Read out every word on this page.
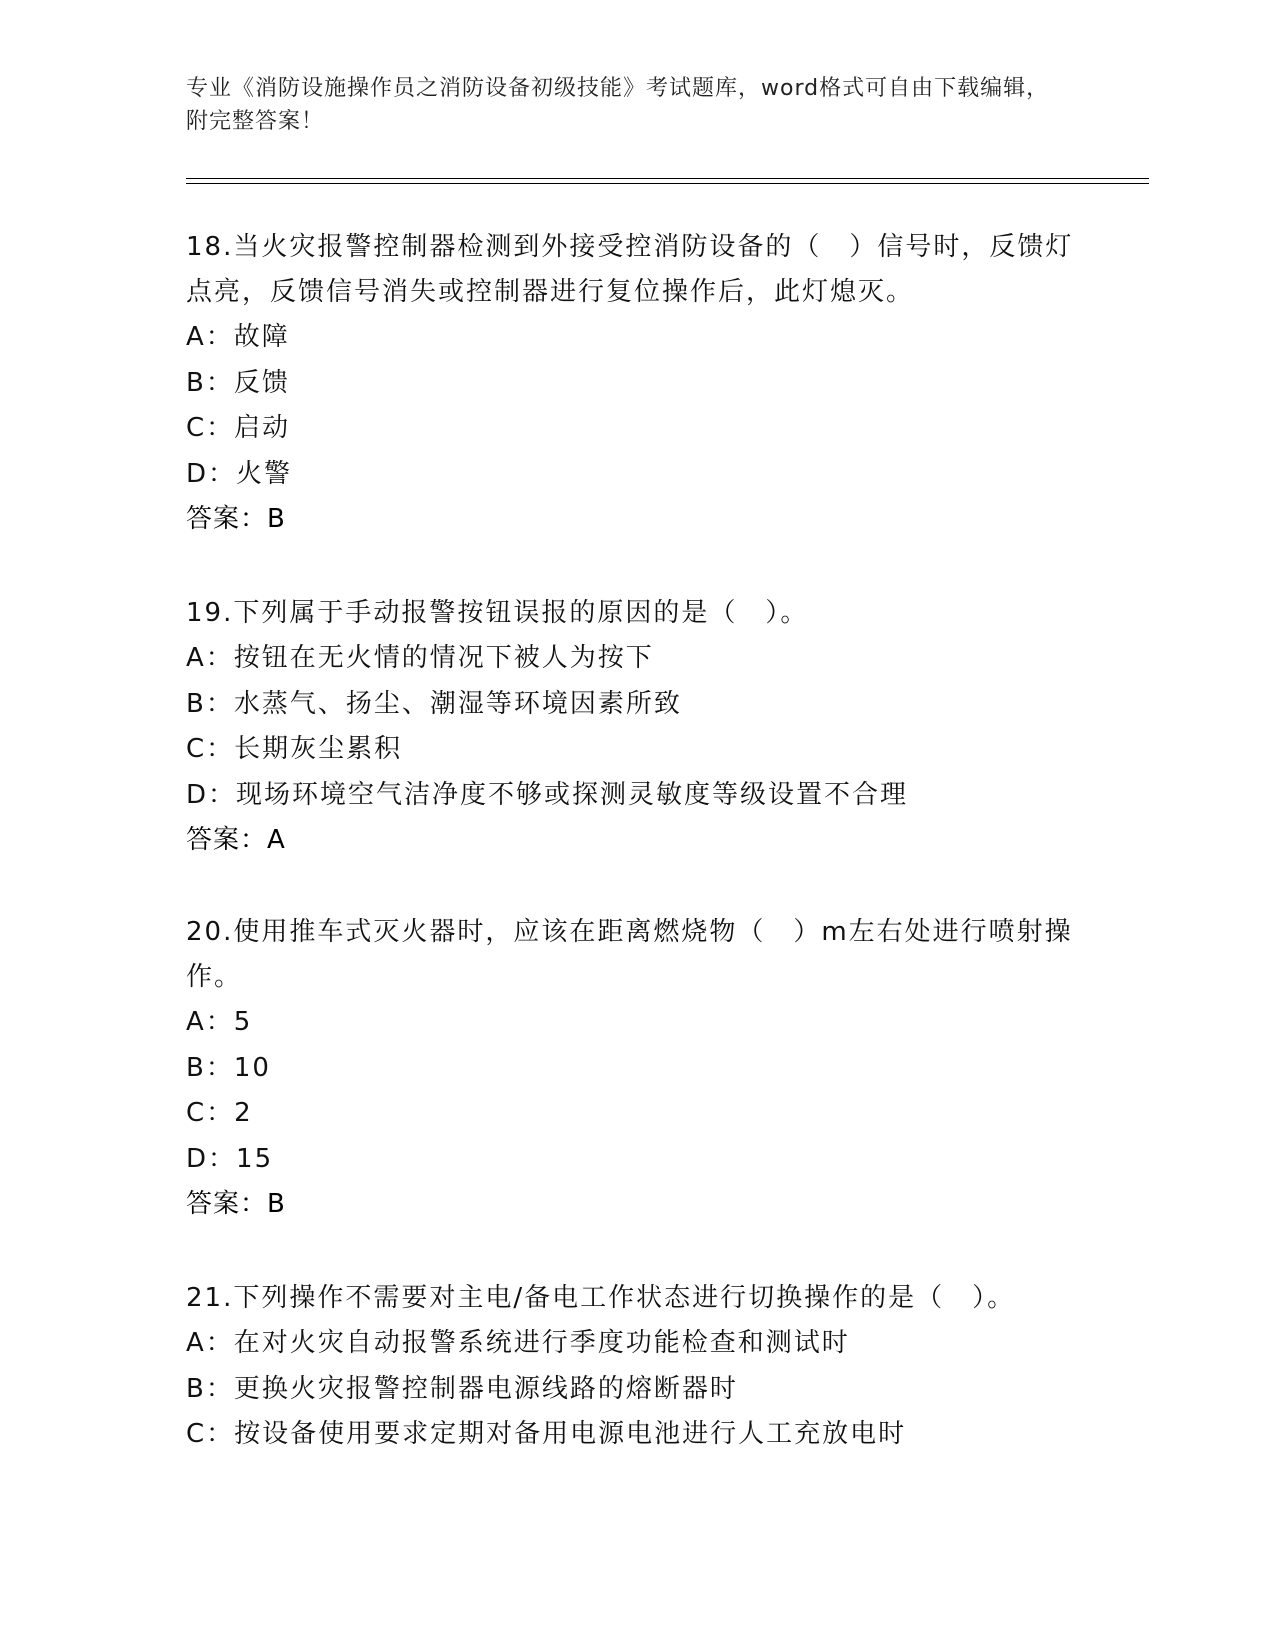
专业《消防设施操作员之消防设备初级技能》考试题库，word格式可自由下载编辑，附完整答案！

18.当火灾报警控制器检测到外接受控消防设备的（　）信号时，反馈灯点亮，反馈信号消失或控制器进行复位操作后，此灯熄灭。

A：故障

B：反馈

C：启动

D：火警

答案：B

19.下列属于手动报警按钮误报的原因的是（　）。

A：按钮在无火情的情况下被人为按下

B：水蒸气、扬尘、潮湿等环境因素所致

C：长期灰尘累积

D：现场环境空气洁净度不够或探测灵敏度等级设置不合理

答案：A

20.使用推车式灭火器时，应该在距离燃烧物（　）m左右处进行喷射操作。

A：5

B：10

C：2

D：15

答案：B

21.下列操作不需要对主电/备电工作状态进行切换操作的是（　）。

A：在对火灾自动报警系统进行季度功能检查和测试时

B：更换火灾报警控制器电源线路的熔断器时

C：按设备使用要求定期对备用电源电池进行人工充放电时
